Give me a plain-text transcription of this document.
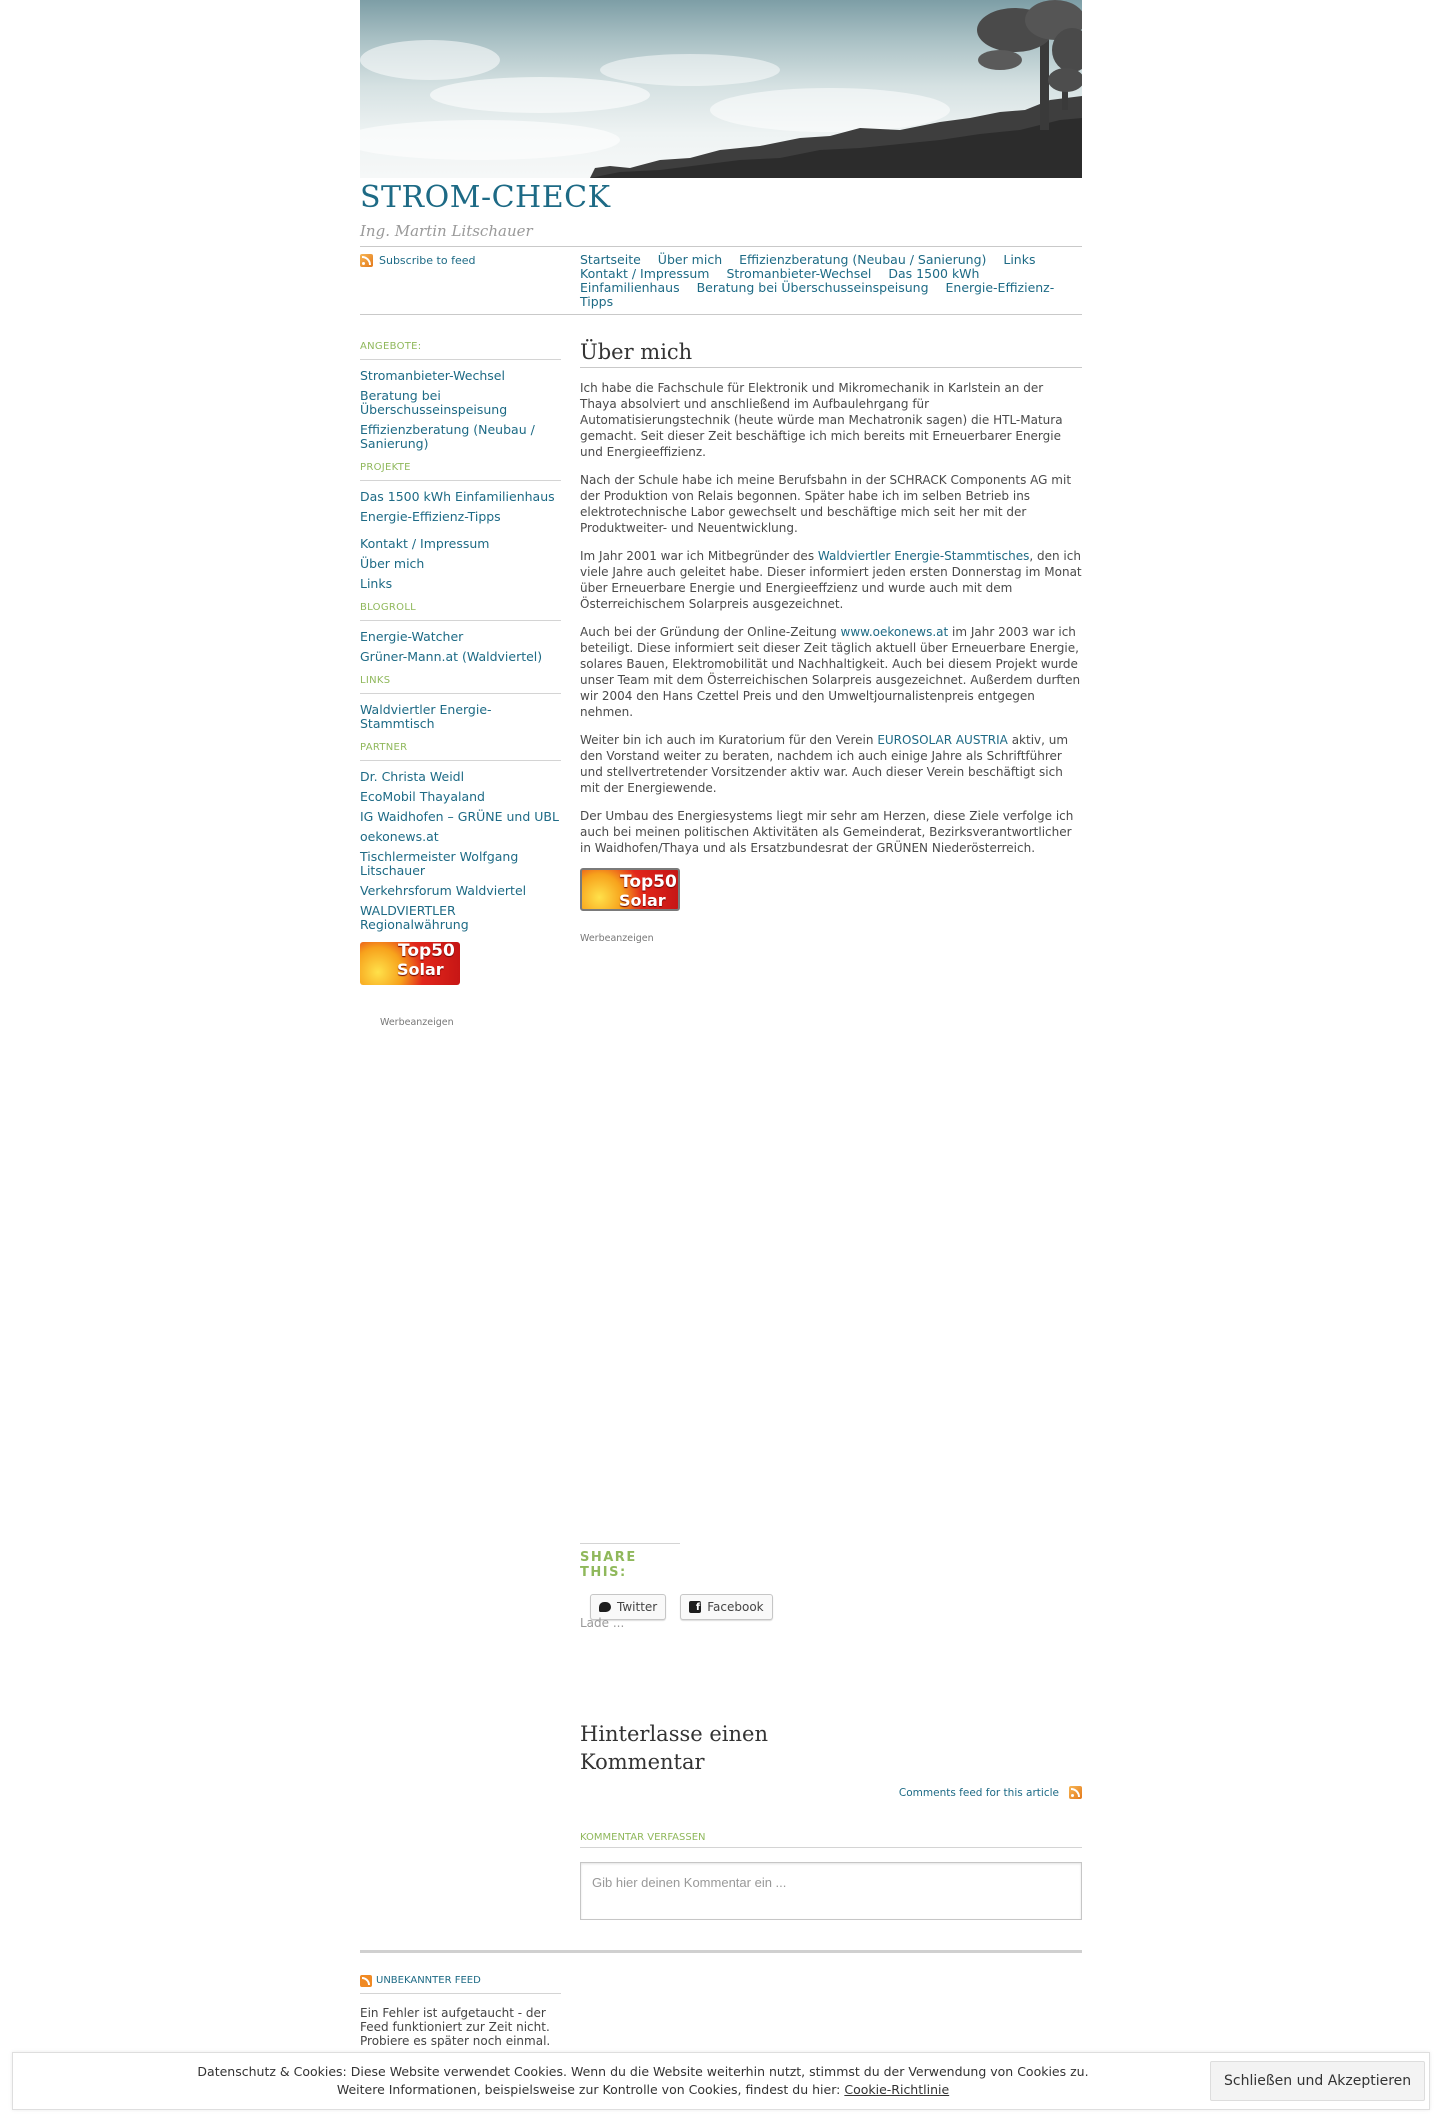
STROM-CHECK
Ing. Martin Litschauer
Subscribe to feed	Startseite Über mich Effizienzberatung (Neubau / Sanierung) Links Kontakt / Impressum Stromanbieter-Wechsel Das 1500 kWh Einfamilienhaus Beratung bei Überschusseinspeisung Energie-Effizienz-Tipps
ANGEBOTE:
Stromanbieter-Wechsel
Beratung bei Überschusseinspeisung
Effizienzberatung (Neubau / Sanierung)
PROJEKTE
Das 1500 kWh Einfamilienhaus
Energie-Effizienz-Tipps
Kontakt / Impressum
Über mich
Links
BLOGROLL
Energie-Watcher
Grüner-Mann.at (Waldviertel)
LINKS
Waldviertler Energie-Stammtisch
PARTNER
Dr. Christa Weidl
EcoMobil Thayaland
IG Waidhofen – GRÜNE und UBL
oekonews.at
Tischlermeister Wolfgang Litschauer
Verkehrsforum Waldviertel
WALDVIERTLER Regionalwährung
Top50
Solar
Werbeanzeigen
Über mich

Ich habe die Fachschule für Elektronik und Mikromechanik in Karlstein an der Thaya absolviert und anschließend im Aufbaulehrgang für Automatisierungstechnik (heute würde man Mechatronik sagen) die HTL-Matura gemacht. Seit dieser Zeit beschäftige ich mich bereits mit Erneuerbarer Energie und Energieeffizienz.

Nach der Schule habe ich meine Berufsbahn in der SCHRACK Components AG mit der Produktion von Relais begonnen. Später habe ich im selben Betrieb ins elektrotechnische Labor gewechselt und beschäftige mich seit her mit der Produktweiter- und Neuentwicklung.

Im Jahr 2001 war ich Mitbegründer des Waldviertler Energie-Stammtisches, den ich viele Jahre auch geleitet habe. Dieser informiert jeden ersten Donnerstag im Monat über Erneuerbare Energie und Energieeffzienz und wurde auch mit dem Österreichischem Solarpreis ausgezeichnet.

Auch bei der Gründung der Online-Zeitung www.oekonews.at im Jahr 2003 war ich beteiligt. Diese informiert seit dieser Zeit täglich aktuell über Erneuerbare Energie, solares Bauen, Elektromobilität und Nachhaltigkeit. Auch bei diesem Projekt wurde unser Team mit dem Österreichischen Solarpreis ausgezeichnet. Außerdem durften wir 2004 den Hans Czettel Preis und den Umweltjournalistenpreis entgegen nehmen.

Weiter bin ich auch im Kuratorium für den Verein EUROSOLAR AUSTRIA aktiv, um den Vorstand weiter zu beraten, nachdem ich auch einige Jahre als Schriftführer und stellvertretender Vorsitzender aktiv war. Auch dieser Verein beschäftigt sich mit der Energiewende.

Der Umbau des Energiesystems liegt mir sehr am Herzen, diese Ziele verfolge ich auch bei meinen politischen Aktivitäten als Gemeinderat, Bezirksverantwortlicher in Waidhofen/Thaya und als Ersatzbundesrat der GRÜNEN Niederösterreich.

Top50
Solar
Werbeanzeigen
SHARE THIS:
Twitter	f Facebook
Lade ...
Hinterlasse einen Kommentar
Comments feed for this article
KOMMENTAR VERFASSEN
Gib hier deinen Kommentar ein ...
UNBEKANNTER FEED
Ein Fehler ist aufgetaucht - der Feed funktioniert zur Zeit nicht. Probiere es später noch einmal.
Datenschutz & Cookies: Diese Website verwendet Cookies. Wenn du die Website weiterhin nutzt, stimmst du der Verwendung von Cookies zu.
Weitere Informationen, beispielsweise zur Kontrolle von Cookies, findest du hier: Cookie-Richtlinie
Schließen und Akzeptieren
